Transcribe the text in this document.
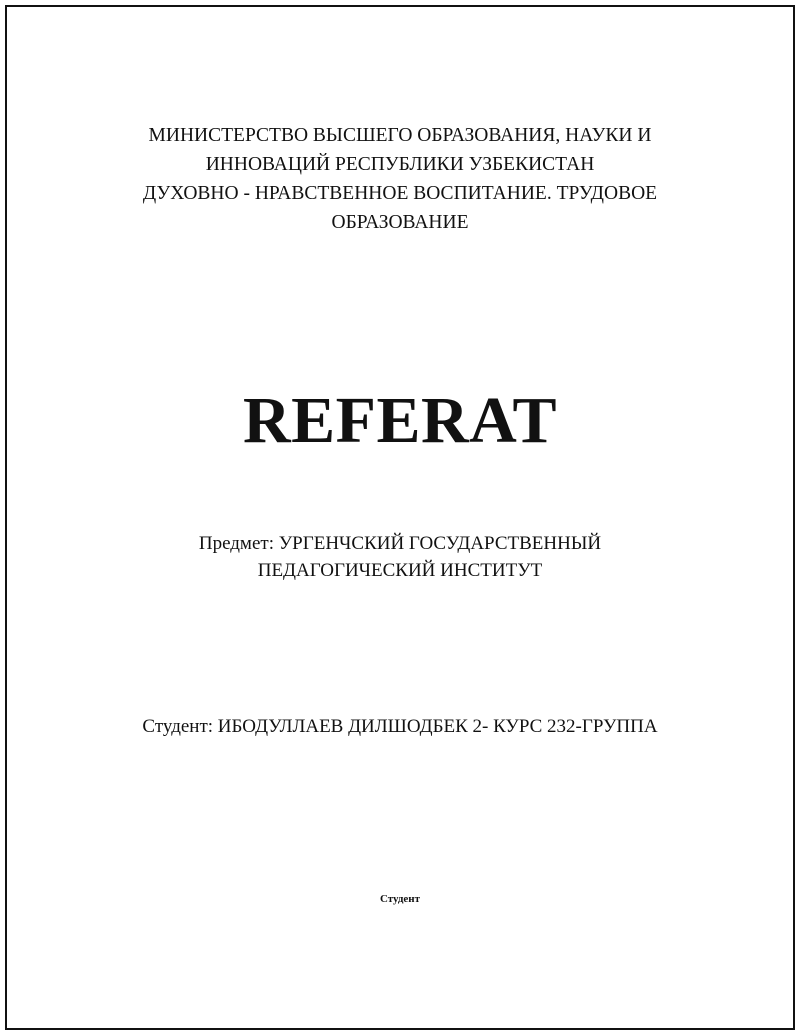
МИНИСТЕРСТВО ВЫСШЕГО ОБРАЗОВАНИЯ, НАУКИ И
ИННОВАЦИЙ РЕСПУБЛИКИ УЗБЕКИСТАН
ДУХОВНО - НРАВСТВЕННОЕ ВОСПИТАНИЕ. ТРУДОВОЕ
ОБРАЗОВАНИЕ
REFERAT
Предмет: УРГЕНЧСКИЙ ГОСУДАРСТВЕННЫЙ
ПЕДАГОГИЧЕСКИЙ ИНСТИТУТ
Студент: ИБОДУЛЛАЕВ ДИЛШОДБЕК 2- КУРС 232-ГРУППА
Студент
